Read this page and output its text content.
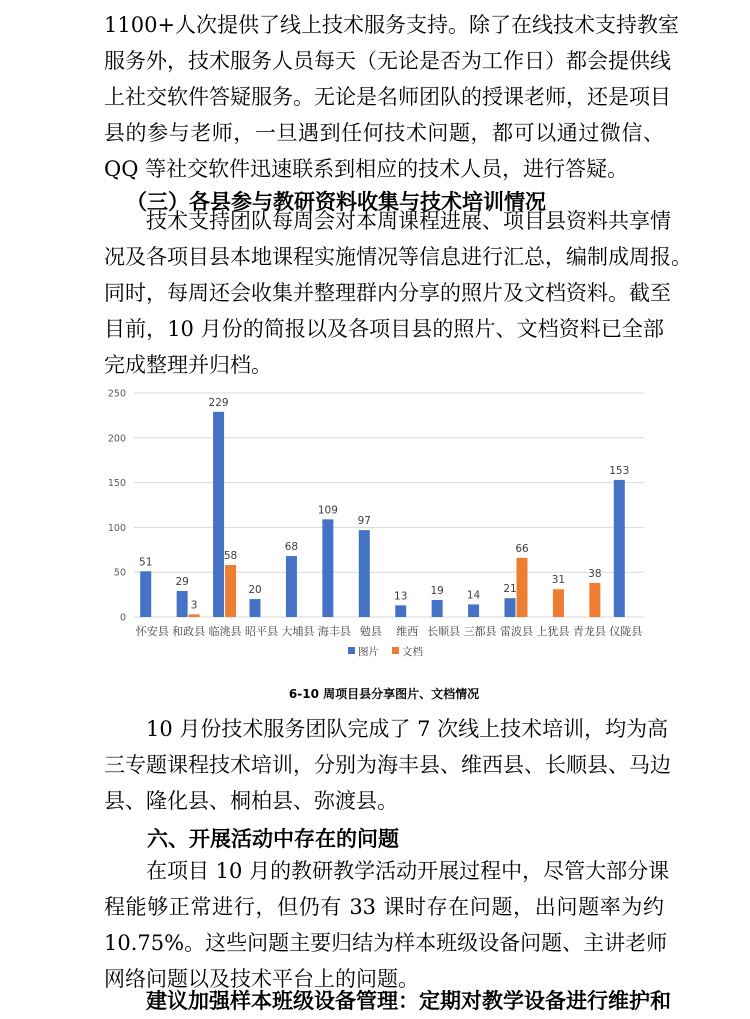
1100+人次提供了线上技术服务支持。除了在线技术支持教室
服务外，技术服务人员每天（无论是否为工作日）都会提供线
上社交软件答疑服务。无论是名师团队的授课老师，还是项目
县的参与老师，一旦遇到任何技术问题，都可以通过微信、
QQ 等社交软件迅速联系到相应的技术人员，进行答疑。
（三）各县参与教研资料收集与技术培训情况
　　技术支持团队每周会对本周课程进展、项目县资料共享情
况及各项目县本地课程实施情况等信息进行汇总，编制成周报。
同时，每周还会收集并整理群内分享的照片及文档资料。截至
目前，10 月份的简报以及各项目县的照片、文档资料已全部
完成整理并归档。
0
50
100
150
200
250
51
怀安县
29
3
和政县
229
58
临洮县
20
昭平县
68
大埔县
109
海丰县
97
勉县
13
维西
19
长顺县
14
三都县
21
66
雷波县
31
上犹县
38
青龙县
153
仪陇县
图片 文档
6-10 周项目县分享图片、文档情况
　　10 月份技术服务团队完成了 7 次线上技术培训，均为高
三专题课程技术培训，分别为海丰县、维西县、长顺县、马边
县、隆化县、桐柏县、弥渡县。
六、开展活动中存在的问题
　　在项目 10 月的教研教学活动开展过程中，尽管大部分课
程能够正常进行，但仍有 33 课时存在问题，出问题率为约
10.75%。这些问题主要归结为样本班级设备问题、主讲老师
网络问题以及技术平台上的问题。
　　建议加强样本班级设备管理：定期对教学设备进行维护和
